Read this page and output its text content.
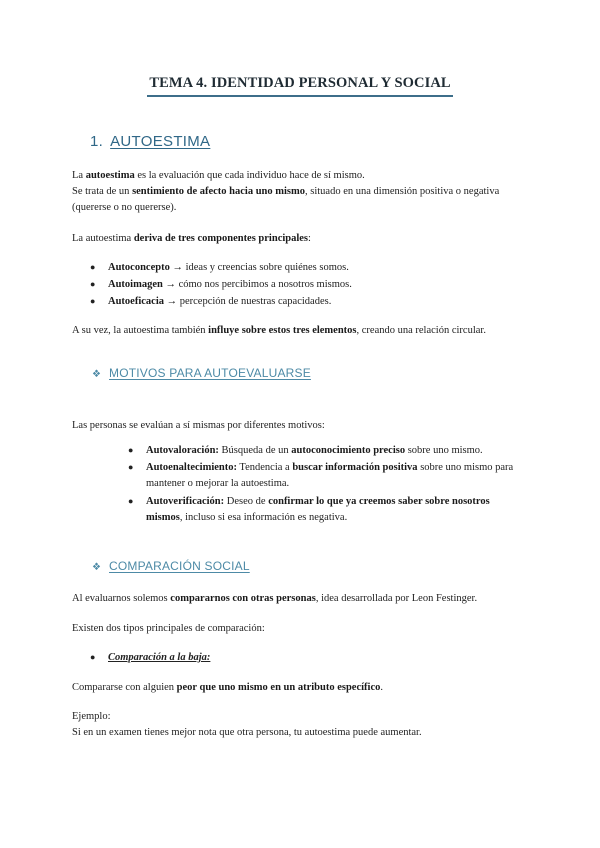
TEMA 4. IDENTIDAD PERSONAL Y SOCIAL
1. AUTOESTIMA

La autoestima es la evaluación que cada individuo hace de sí mismo.

Se trata de un sentimiento de afecto hacia uno mismo, situado en una dimensión positiva o negativa

(quererse o no quererse).

La autoestima deriva de tres componentes principales:

● Autoconcepto → ideas y creencias sobre quiénes somos.

● Autoimagen → cómo nos percibimos a nosotros mismos.

● Autoeficacia → percepción de nuestras capacidades.

A su vez, la autoestima también influye sobre estos tres elementos, creando una relación circular.

❖ MOTIVOS PARA AUTOEVALUARSE

Las personas se evalúan a sí mismas por diferentes motivos:

● Autovaloración: Búsqueda de un autoconocimiento preciso sobre uno mismo.

● Autoenaltecimiento: Tendencia a buscar información positiva sobre uno mismo para

mantener o mejorar la autoestima.

● Autoverificación: Deseo de confirmar lo que ya creemos saber sobre nosotros

mismos, incluso si esa información es negativa.

❖ COMPARACIÓN SOCIAL

Al evaluarnos solemos compararnos con otras personas, idea desarrollada por Leon Festinger.

Existen dos tipos principales de comparación:

● Comparación a la baja:

Compararse con alguien peor que uno mismo en un atributo específico.

Ejemplo:

Si en un examen tienes mejor nota que otra persona, tu autoestima puede aumentar.
